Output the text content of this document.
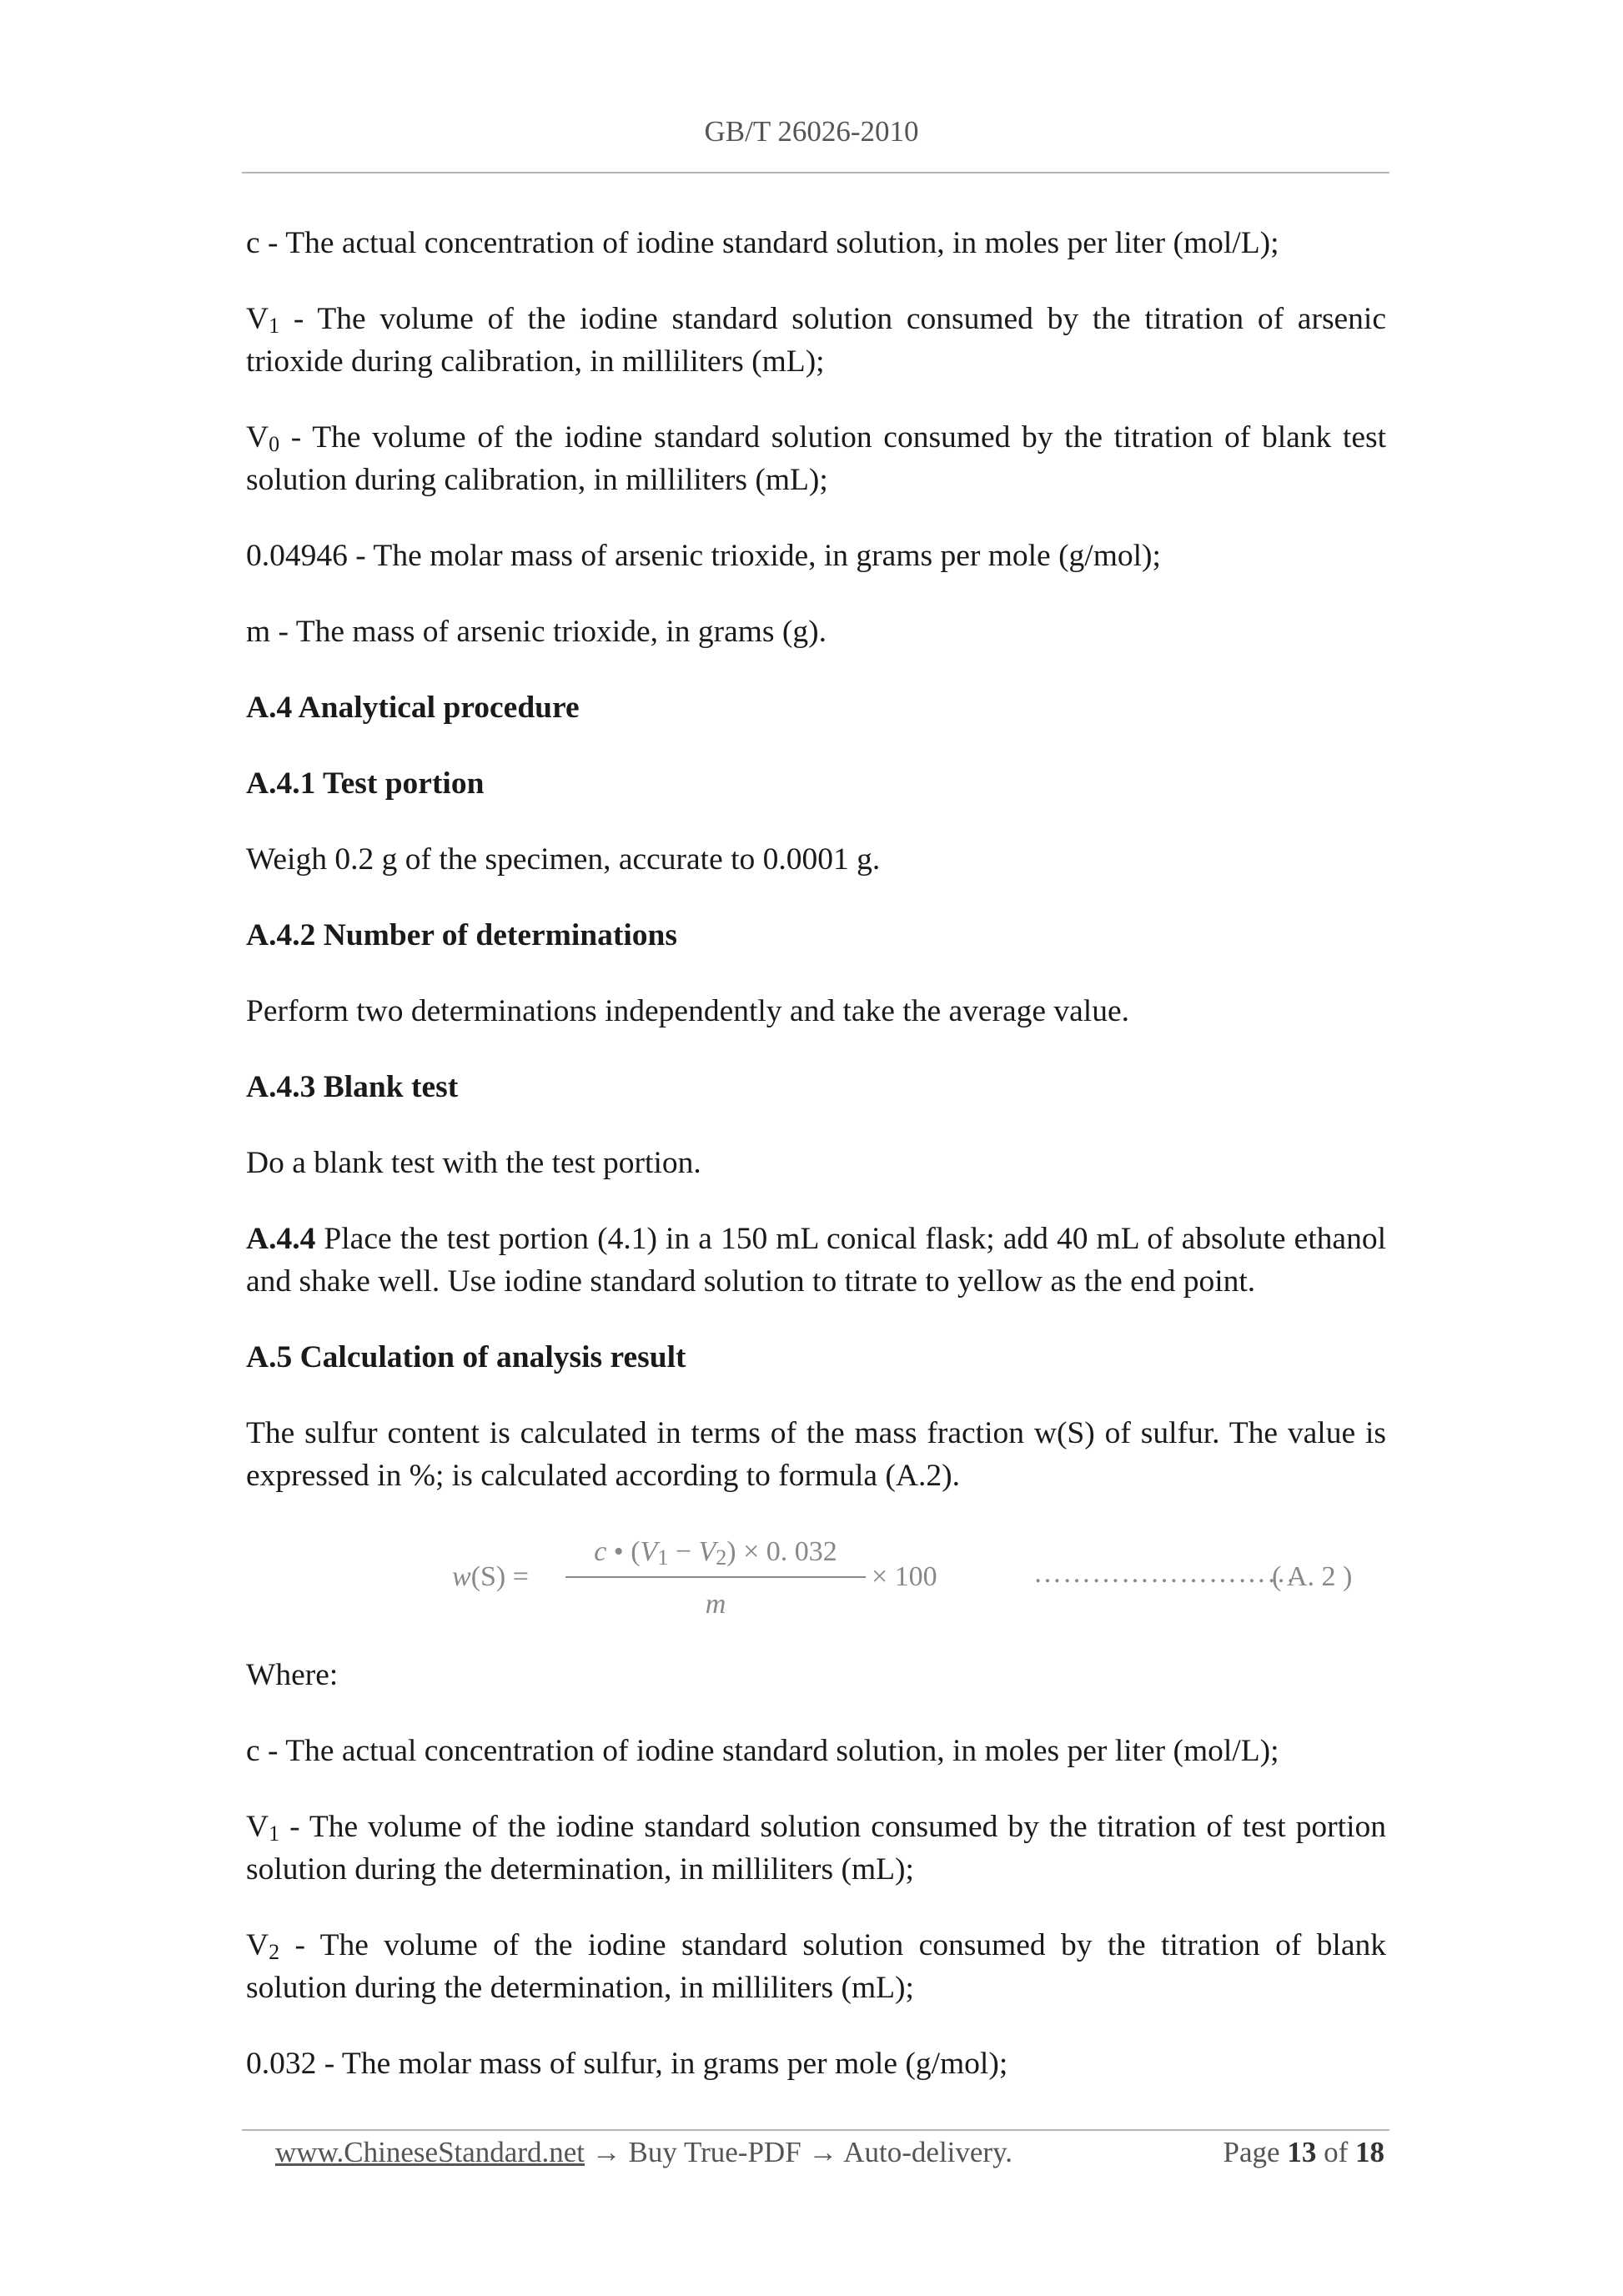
GB/T 26026-2010

c - The actual concentration of iodine standard solution, in moles per liter (mol/L);

$V_1$ - The volume of the iodine standard solution consumed by the titration of arsenic trioxide during calibration, in milliliters (mL);

$V_0$ - The volume of the iodine standard solution consumed by the titration of blank test solution during calibration, in milliliters (mL);

0.04946 - The molar mass of arsenic trioxide, in grams per mole (g/mol);

m - The mass of arsenic trioxide, in grams (g).

A.4 Analytical procedure

A.4.1 Test portion

Weigh 0.2 g of the specimen, accurate to 0.0001 g.

A.4.2 Number of determinations

Perform two determinations independently and take the average value.

A.4.3 Blank test

Do a blank test with the test portion.

A.4.4 Place the test portion (4.1) in a 150 mL conical flask; add 40 mL of absolute ethanol and shake well. Use iodine standard solution to titrate to yellow as the end point.

A.5 Calculation of analysis result

The sulfur content is calculated in terms of the mass fraction w(S) of sulfur. The value is expressed in %; is calculated according to formula (A.2).

$w(S) = \frac{c • (V_1 - V_2) \times 0. 032}{m} \times 100$	………………………
( A. 2 )

Where:

c - The actual concentration of iodine standard solution, in moles per liter (mol/L);

$V_1$ - The volume of the iodine standard solution consumed by the titration of test portion solution during the determination, in milliliters (mL);

$V_2$ - The volume of the iodine standard solution consumed by the titration of blank solution during the determination, in milliliters (mL);

0.032 - The molar mass of sulfur, in grams per mole (g/mol);

www.ChineseStandard.net → Buy True-PDF → Auto-delivery.	Page 13 of 18
